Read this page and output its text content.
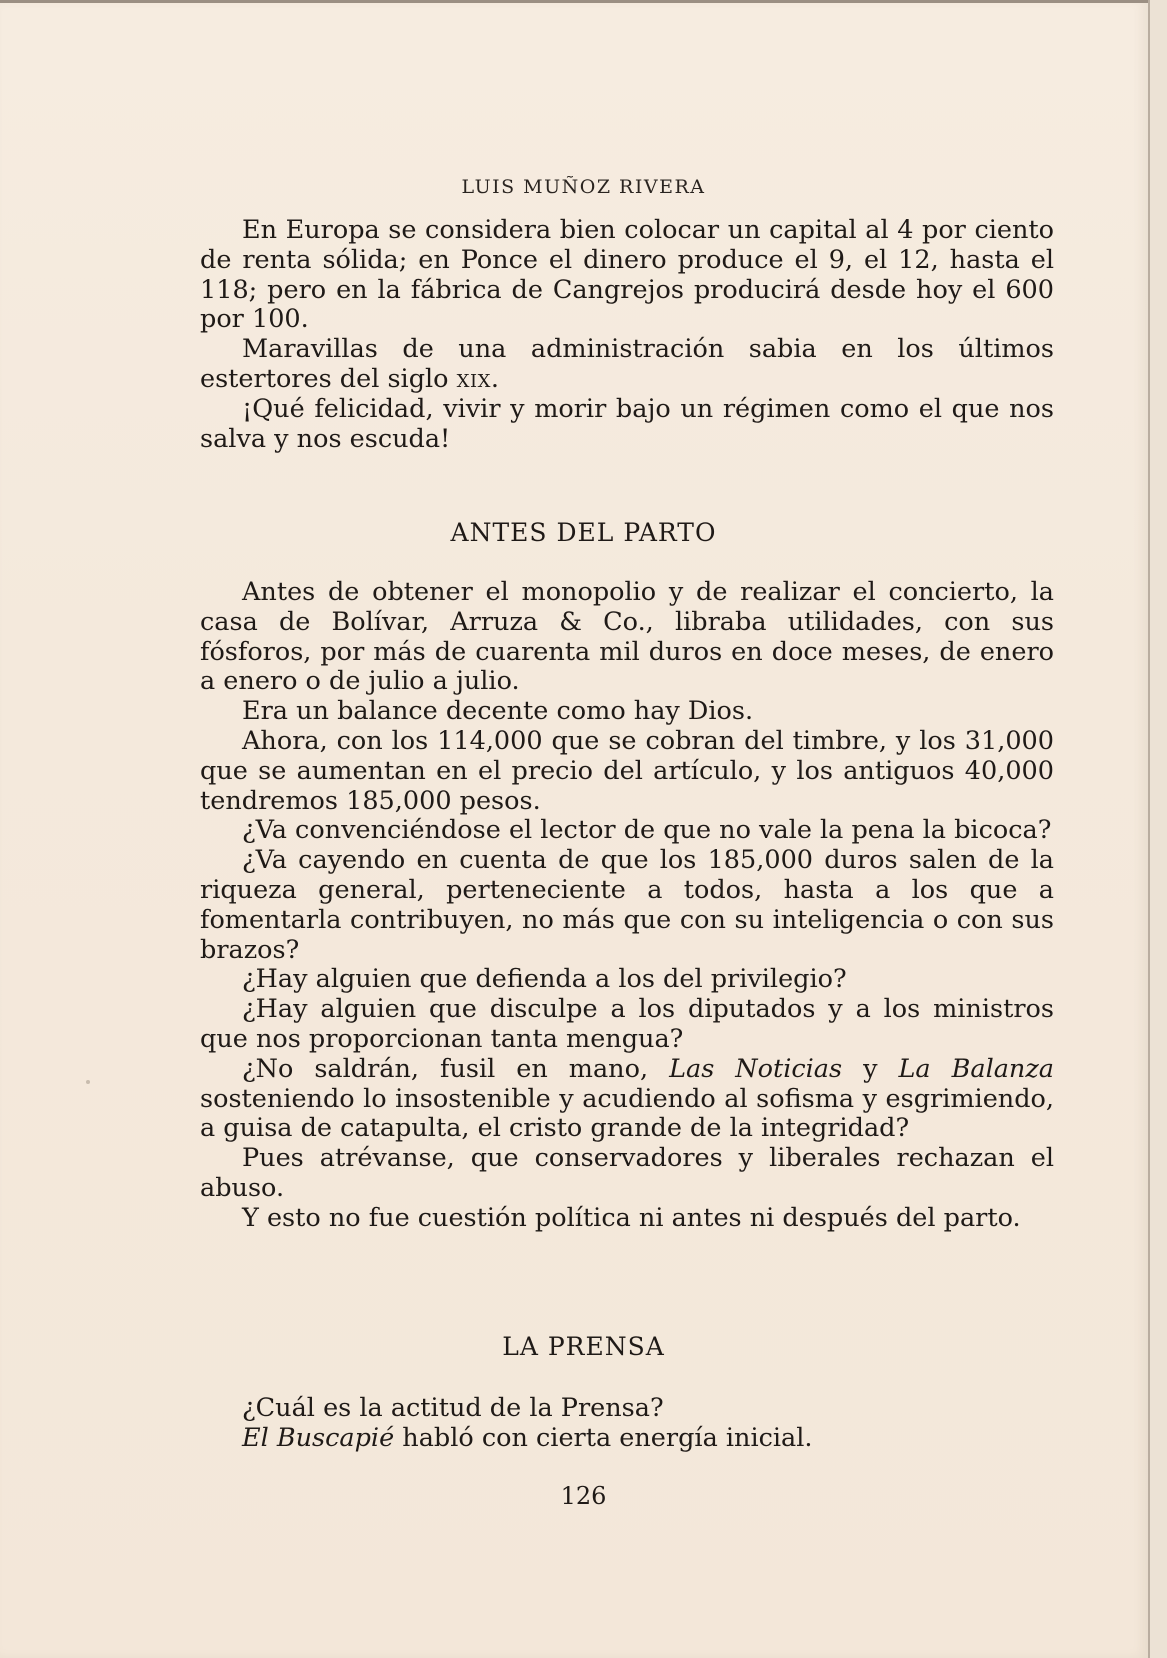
LUIS MUÑOZ RIVERA

En Europa se considera bien colocar un capital al 4 por ciento de renta sólida; en Ponce el dinero produce el 9, el 12, hasta el 118; pero en la fábrica de Cangrejos producirá desde hoy el 600 por 100.

Maravillas de una administración sabia en los últimos estertores del siglo xix.

¡Qué felicidad, vivir y morir bajo un régimen como el que nos salva y nos escuda!

ANTES DEL PARTO

Antes de obtener el monopolio y de realizar el concierto, la casa de Bolívar, Arruza & Co., libraba utilidades, con sus fósforos, por más de cuarenta mil duros en doce meses, de enero a enero o de julio a julio.

Era un balance decente como hay Dios.

Ahora, con los 114,000 que se cobran del timbre, y los 31,000 que se aumentan en el precio del artículo, y los antiguos 40,000 tendremos 185,000 pesos.

¿Va convenciéndose el lector de que no vale la pena la bicoca?

¿Va cayendo en cuenta de que los 185,000 duros salen de la riqueza general, perteneciente a todos, hasta a los que a fomentarla contribuyen, no más que con su inteligencia o con sus brazos?

¿Hay alguien que defienda a los del privilegio?

¿Hay alguien que disculpe a los diputados y a los ministros que nos proporcionan tanta mengua?

¿No saldrán, fusil en mano, Las Noticias y La Balanza sosteniendo lo insostenible y acudiendo al sofisma y esgrimiendo, a guisa de catapulta, el cristo grande de la integridad?

Pues atrévanse, que conservadores y liberales rechazan el abuso.

Y esto no fue cuestión política ni antes ni después del parto.

LA PRENSA

¿Cuál es la actitud de la Prensa?

El Buscapié habló con cierta energía inicial.

126
